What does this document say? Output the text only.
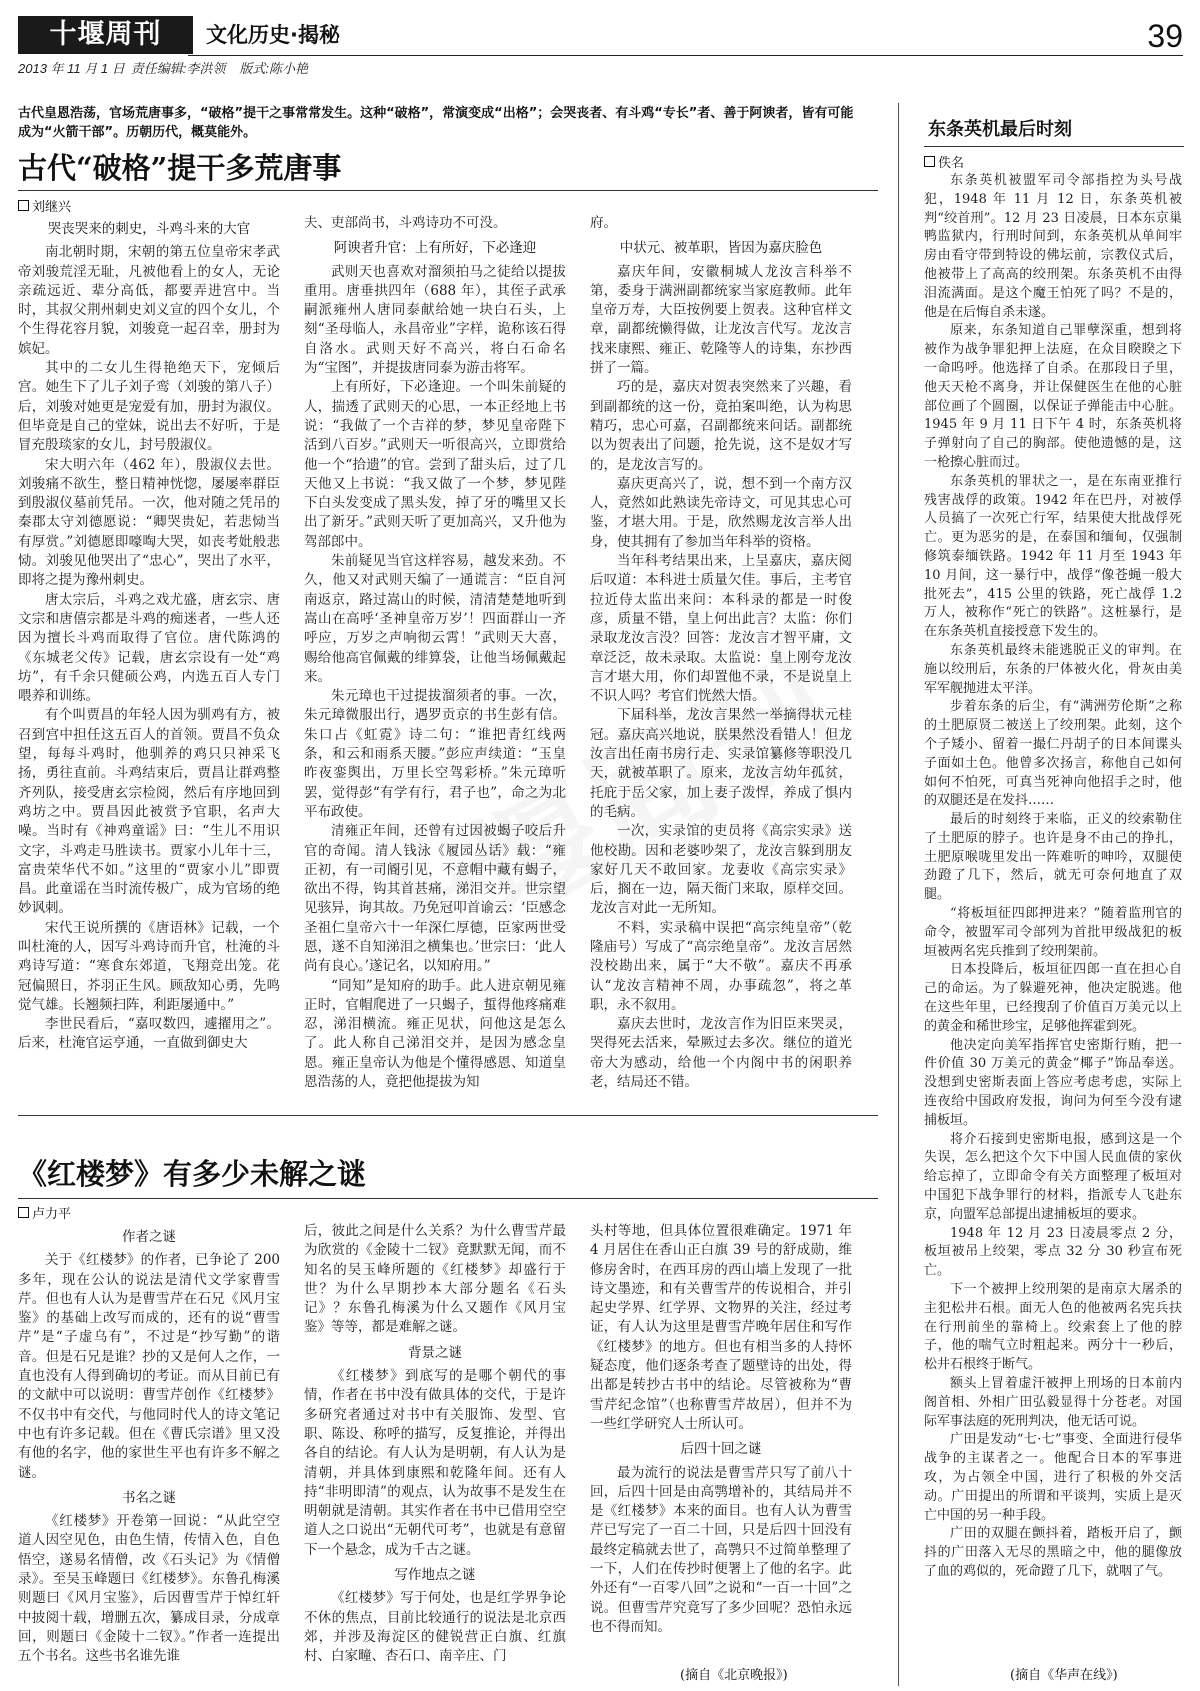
十堰周刊	文化历史·揭秘	39
2013 年 11 月 1 日 责任编辑:李洪领 版式:陈小艳
古代皇恩浩荡，官场荒唐事多，“破格”提干之事常常发生。这种“破格”，常演变成“出格”；会哭丧者、有斗鸡“专长”者、善于阿谀者，皆有可能成为“火箭干部”。历朝历代，概莫能外。
古代“破格”提干多荒唐事
刘继兴

哭丧哭来的刺史，斗鸡斗来的大官

南北朝时期，宋朝的第五位皇帝宋孝武帝刘骏荒淫无耻，凡被他看上的女人，无论亲疏远近、辈分高低，都要弄进宫中。当时，其叔父荆州刺史刘义宣的四个女儿，个个生得花容月貌，刘骏竟一起召幸，册封为嫔妃。

其中的二女儿生得艳绝天下，宠倾后宫。她生下了儿子刘子鸾（刘骏的第八子）后，刘骏对她更是宠爱有加，册封为淑仪。但毕竟是自己的堂妹，说出去不好听，于是冒充殷琰家的女儿，封号殷淑仪。

宋大明六年（462 年），殷淑仪去世。刘骏痛不欲生，整日精神恍惚，屡屡率群臣到殷淑仪墓前凭吊。一次，他对随之凭吊的秦郡太守刘德愿说：“卿哭贵妃，若悲恸当有厚赏。”刘德愿即嚎啕大哭，如丧考妣般悲恸。刘骏见他哭出了“忠心”，哭出了水平，即将之提为豫州刺史。

唐太宗后，斗鸡之戏尤盛，唐玄宗、唐文宗和唐僖宗都是斗鸡的痴迷者，一些人还因为擅长斗鸡而取得了官位。唐代陈鸿的《东城老父传》记载，唐玄宗设有一处“鸡坊”，有千余只健硕公鸡，内选五百人专门喂养和训练。

有个叫贾昌的年轻人因为驯鸡有方，被召到宫中担任这五百人的首领。贾昌不负众望，每每斗鸡时，他驯养的鸡只只神采飞扬，勇往直前。斗鸡结束后，贾昌让群鸡整齐列队，接受唐玄宗检阅，然后有序地回到鸡坊之中。贾昌因此被赏予官职，名声大噪。当时有《神鸡童谣》曰：“生儿不用识文字，斗鸡走马胜读书。贾家小儿年十三，富贵荣华代不如。”这里的“贾家小儿”即贾昌。此童谣在当时流传极广，成为官场的绝妙讽刺。

宋代王说所撰的《唐语林》记载，一个叫杜淹的人，因写斗鸡诗而升官，杜淹的斗鸡诗写道：“寒食东郊道，飞翔竞出笼。花冠偏照日，芥羽正生风。顾敌知心勇，先鸣觉气雄。长翘频扫阵，利距屡通中。”

李世民看后，“嘉叹数四，遽擢用之”。后来，杜淹官运亨通，一直做到御史大

夫、吏部尚书，斗鸡诗功不可没。

阿谀者升官：上有所好，下必逢迎

武则天也喜欢对溜须拍马之徒给以提拔重用。唐垂拱四年（688 年），其侄子武承嗣派雍州人唐同泰献给她一块白石头，上刻“圣母临人，永昌帝业”字样，诡称该石得自洛水。武则天好不高兴，将白石命名为“宝图”，并提拔唐同泰为游击将军。

上有所好，下必逢迎。一个叫朱前疑的人，揣透了武则天的心思，一本正经地上书说：“我做了一个吉祥的梦，梦见皇帝陛下活到八百岁。”武则天一听很高兴，立即赏给他一个“拾遗”的官。尝到了甜头后，过了几天他又上书说：“我又做了一个梦，梦见陛下白头发变成了黑头发，掉了牙的嘴里又长出了新牙。”武则天听了更加高兴，又升他为驾部郎中。

朱前疑见当官这样容易，越发来劲。不久，他又对武则天编了一通谎言：“臣自河南返京，路过嵩山的时候，清清楚楚地听到嵩山在高呼‘圣神皇帝万岁’！四面群山一齐呼应，万岁之声响彻云霄！”武则天大喜，赐给他高官佩戴的绯算袋，让他当场佩戴起来。

朱元璋也干过提拔溜须者的事。一次，朱元璋微服出行，遇罗贡京的书生彭有信。朱口占《虹霓》诗二句：“谁把青红线两条，和云和雨系天腰。”彭应声续道：“玉皇昨夜銮舆出，万里长空驾彩桥。”朱元璋听罢，觉得彭“有学有行，君子也”，命之为北平布政使。

清雍正年间，还曾有过因被蝎子咬后升官的奇闻。清人钱泳《履园丛话》载：“雍正初，有一司阍引见，不意帽中藏有蝎子，欲出不得，钩其首甚痛，涕泪交并。世宗望见骇异，询其故。乃免冠叩首谕云：‘臣感念圣祖仁皇帝六十一年深仁厚德，臣家两世受恩，遂不自知涕泪之横集也。’世宗曰：‘此人尚有良心。’遂记名，以知府用。”

“同知”是知府的助手。此人进京朝见雍正时，官帽爬进了一只蝎子，蜇得他疼痛难忍，涕泪横流。雍正见状，问他这是怎么了。此人称自己涕泪交并，是因为感念皇恩。雍正皇帝认为他是个懂得感恩、知道皇恩浩荡的人，竟把他提拔为知

府。

中状元、被革职，皆因为嘉庆脸色

嘉庆年间，安徽桐城人龙汝言科举不第，委身于满洲副都统家当家庭教师。此年皇帝万寿，大臣按例要上贺表。这种官样文章，副都统懒得做，让龙汝言代写。龙汝言找来康熙、雍正、乾隆等人的诗集，东抄西拼了一篇。

巧的是，嘉庆对贺表突然来了兴趣，看到副都统的这一份，竟拍案叫绝，认为构思精巧，忠心可嘉，召副都统来问话。副都统以为贺表出了问题，抢先说，这不是奴才写的，是龙汝言写的。

嘉庆更高兴了，说，想不到一个南方汉人，竟然如此熟读先帝诗文，可见其忠心可鉴，才堪大用。于是，欣然赐龙汝言举人出身，使其拥有了参加当年科举的资格。

当年科考结果出来，上呈嘉庆，嘉庆阅后叹道：本科进士质量欠佳。事后，主考官拉近侍太监出来问：本科录的都是一时俊彦，质量不错，皇上何出此言？太监：你们录取龙汝言没？回答：龙汝言才智平庸，文章泛泛，故未录取。太监说：皇上刚夸龙汝言才堪大用，你们却置他不录，不是说皇上不识人吗？考官们恍然大悟。

下届科举，龙汝言果然一举摘得状元桂冠。嘉庆高兴地说，朕果然没看错人！但龙汝言出任南书房行走、实录馆纂修等职没几天，就被革职了。原来，龙汝言幼年孤贫，托庇于岳父家，加上妻子泼悍，养成了惧内的毛病。

一次，实录馆的吏员将《高宗实录》送他校勘。因和老婆吵架了，龙汝言躲到朋友家好几天不敢回家。龙妻收《高宗实录》后，搁在一边，隔天衙门来取，原样交回。龙汝言对此一无所知。

不料，实录稿中误把“高宗纯皇帝”（乾隆庙号）写成了“高宗绝皇帝”。龙汝言居然没校勘出来，属于“大不敬”。嘉庆不再承认“龙汝言精神不周，办事疏忽”，将之革职，永不叙用。

嘉庆去世时，龙汝言作为旧臣来哭灵，哭得死去活来，晕厥过去多次。继位的道光帝大为感动，给他一个内阁中书的闲职养老，结局还不错。

《红楼梦》有多少未解之谜
卢力平

作者之谜

关于《红楼梦》的作者，已争论了 200 多年，现在公认的说法是清代文学家曹雪芹。但也有人认为是曹雪芹在石兄《风月宝鉴》的基础上改写而成的，还有的说“曹雪芹”是“子虚乌有”，不过是“抄写勤”的谐音。但是石兄是谁？抄的又是何人之作，一直也没有人得到确切的考证。而从目前已有的文献中可以说明：曹雪芹创作《红楼梦》不仅书中有交代，与他同时代人的诗文笔记中也有许多记载。但在《曹氏宗谱》里又没有他的名字，他的家世生平也有许多不解之谜。

书名之谜

《红楼梦》开卷第一回说：“从此空空道人因空见色，由色生情，传情入色，自色悟空，遂易名情僧，改《石头记》为《情僧录》。至吴玉峰题曰《红楼梦》。东鲁孔梅溪则题曰《风月宝鉴》，后因曹雪芹于悼红轩中披阅十载，增删五次，纂成目录，分成章回，则题曰《金陵十二钗》。”作者一连提出五个书名。这些书名谁先谁

后，彼此之间是什么关系？为什么曹雪芹最为欣赏的《金陵十二钗》竟默默无闻，而不知名的吴玉峰所题的《红楼梦》却盛行于世？为什么早期抄本大部分题名《石头记》？东鲁孔梅溪为什么又题作《风月宝鉴》等等，都是难解之谜。

背景之谜

《红楼梦》到底写的是哪个朝代的事情，作者在书中没有做具体的交代，于是许多研究者通过对书中有关服饰、发型、官职、陈设、称呼的描写，反复推论，并得出各自的结论。有人认为是明朝，有人认为是清朝，并具体到康熙和乾隆年间。还有人持“非明即清”的观点，认为故事不是发生在明朝就是清朝。其实作者在书中已借用空空道人之口说出“无朝代可考”，也就是有意留下一个悬念，成为千古之谜。

写作地点之谜

《红楼梦》写于何处，也是红学界争论不休的焦点，目前比较通行的说法是北京西郊，并涉及海淀区的健锐营正白旗、红旗村、白家疃、杏石口、南辛庄、门

头村等地，但具体位置很难确定。1971 年 4 月居住在香山正白旗 39 号的舒成勋，维修房舍时，在西耳房的西山墙上发现了一批诗文墨迹，和有关曹雪芹的传说相合，并引起史学界、红学界、文物界的关注，经过考证，有人认为这里是曹雪芹晚年居住和写作《红楼梦》的地方。但也有相当多的人持怀疑态度，他们逐条考查了题壁诗的出处，得出都是转抄古书中的结论。尽管被称为“曹雪芹纪念馆”（也称曹雪芹故居），但并不为一些红学研究人士所认可。

后四十回之谜

最为流行的说法是曹雪芹只写了前八十回，后四十回是由高鹗增补的，其结局并不是《红楼梦》本来的面目。也有人认为曹雪芹已写完了一百二十回，只是后四十回没有最终定稿就去世了，高鹗只不过简单整理了一下，人们在传抄时便署上了他的名字。此外还有“一百零八回”之说和“一百一十回”之说。但曹雪芹究竟写了多少回呢？恐怕永远也不得而知。

(摘自《北京晚报》)
东条英机最后时刻
佚名

东条英机被盟军司令部指控为头号战犯，1948 年 11 月 12 日，东条英机被判“绞首刑”。12 月 23 日凌晨，日本东京巢鸭监狱内，行刑时间到，东条英机从单间牢房由看守带到特设的佛坛前，宗教仪式后，他被带上了高高的绞刑架。东条英机不由得泪流满面。是这个魔王怕死了吗？不是的，他是在后悔自杀未遂。

原来，东条知道自己罪孽深重，想到将被作为战争罪犯押上法庭，在众目睽睽之下一命呜呼。他选择了自杀。在那段日子里，他天天枪不离身，并让保健医生在他的心脏部位画了个圆圈，以保证子弹能击中心脏。1945 年 9 月 11 日下午 4 时，东条英机将子弹射向了自己的胸部。使他遗憾的是，这一枪擦心脏而过。

东条英机的罪状之一，是在东南亚推行残害战俘的政策。1942 年在巴丹，对被俘人员搞了一次死亡行军，结果使大批战俘死亡。更为恶劣的是，在泰国和缅甸，仅强制修筑泰缅铁路。1942 年 11 月至 1943 年 10 月间，这一暴行中，战俘“像苍蝇一般大批死去”，415 公里的铁路，死亡战俘 1.2 万人，被称作“死亡的铁路”。这桩暴行，是在东条英机直接授意下发生的。

东条英机最终未能逃脱正义的审判。在施以绞刑后，东条的尸体被火化，骨灰由美军军舰抛进太平洋。

步着东条的后尘，有“满洲劳伦斯”之称的土肥原贤二被送上了绞刑架。此刻，这个个子矮小、留着一撮仁丹胡子的日本间谍头子面如土色。他曾多次扬言，称他自己如何如何不怕死，可真当死神向他招手之时，他的双腿还是在发抖……

最后的时刻终于来临，正义的绞索勒住了土肥原的脖子。也许是身不由己的挣扎，土肥原喉咙里发出一阵难听的呻吟，双腿使劲蹬了几下，然后，就无可奈何地直了双腿。

“将板垣征四郎押进来？”随着监刑官的命令，被盟军司令部列为首批甲级战犯的板垣被两名宪兵推到了绞刑架前。

日本投降后，板垣征四郎一直在担心自己的命运。为了躲避死神，他决定脱逃。他在这些年里，已经搜刮了价值百万美元以上的黄金和稀世珍宝，足够他挥霍到死。

他决定向美军指挥官史密斯行贿，把一件价值 30 万美元的黄金“椰子”饰品奉送。没想到史密斯表面上答应考虑考虑，实际上连夜给中国政府发报，询问为何至今没有逮捕板垣。

将介石接到史密斯电报，感到这是一个失误，怎么把这个欠下中国人民血债的家伙给忘掉了，立即命令有关方面整理了板垣对中国犯下战争罪行的材料，指派专人飞赴东京，向盟军总部提出逮捕板垣的要求。

1948 年 12 月 23 日凌晨零点 2 分，板垣被吊上绞架，零点 32 分 30 秒宣布死亡。

下一个被押上绞刑架的是南京大屠杀的主犯松井石根。面无人色的他被两名宪兵扶在行刑前坐的靠椅上。绞索套上了他的脖子，他的喘气立时粗起来。两分十一秒后，松井石根终于断气。

额头上冒着虚汗被押上刑场的日本前内阁首相、外相广田弘毅显得十分苍老。对国际军事法庭的死刑判决，他无话可说。

广田是发动“七·七”事变、全面进行侵华战争的主谋者之一。他配合日本的军事进攻，为占领全中国，进行了积极的外交活动。广田提出的所谓和平谈判，实质上是灭亡中国的另一种手段。

广田的双腿在颤抖着，踏板开启了，颤抖的广田落入无尽的黑暗之中，他的腿像放了血的鸡似的，死命蹬了几下，就咽了气。

(摘自《华声在线》)
